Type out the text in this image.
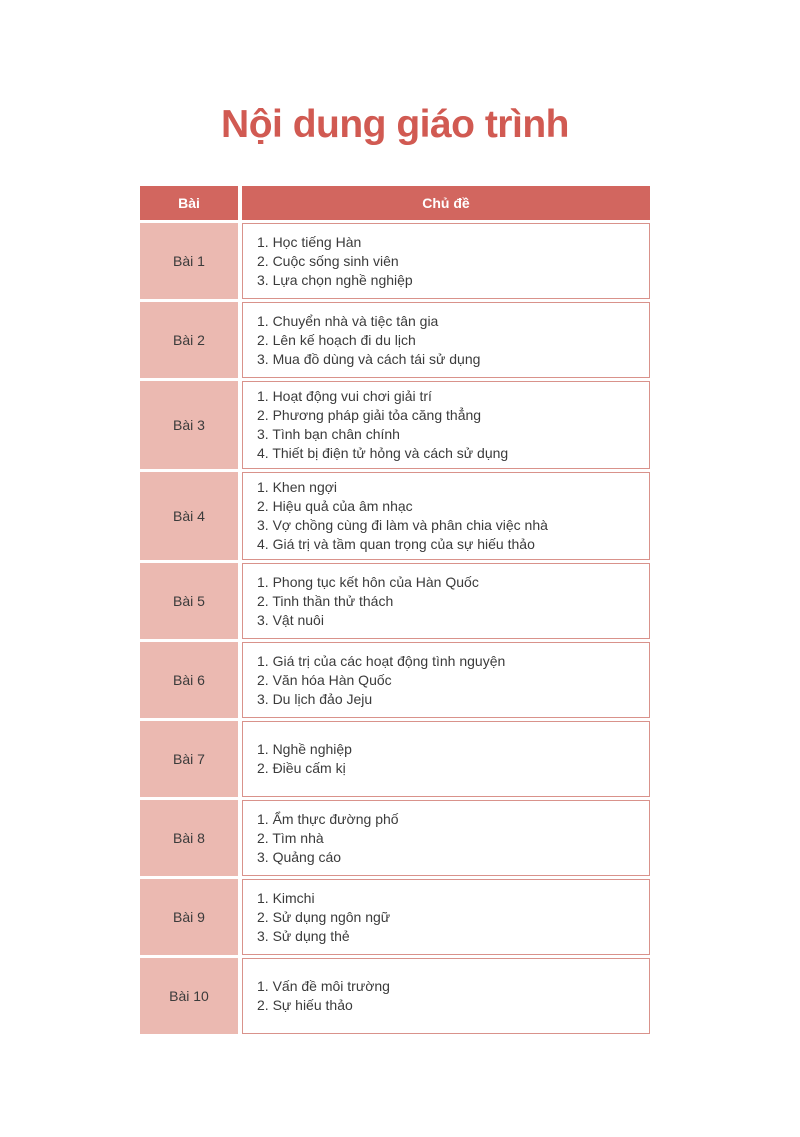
Nội dung giáo trình
Bài	Chủ đề
Bài 1	1. Học tiếng Hàn
2. Cuộc sống sinh viên
3. Lựa chọn nghề nghiệp

Bài 2	1. Chuyển nhà và tiệc tân gia
2. Lên kế hoạch đi du lịch
3. Mua đồ dùng và cách tái sử dụng

Bài 3	1. Hoạt động vui chơi giải trí
2. Phương pháp giải tỏa căng thẳng
3. Tình bạn chân chính
4. Thiết bị điện tử hỏng và cách sử dụng

Bài 4	1. Khen ngợi
2. Hiệu quả của âm nhạc
3. Vợ chồng cùng đi làm và phân chia việc nhà
4. Giá trị và tầm quan trọng của sự hiếu thảo

Bài 5	1. Phong tục kết hôn của Hàn Quốc
2. Tinh thần thử thách
3. Vật nuôi

Bài 6	1. Giá trị của các hoạt động tình nguyện
2. Văn hóa Hàn Quốc
3. Du lịch đảo Jeju

Bài 7	1. Nghề nghiệp
2. Điều cấm kị

Bài 8	1. Ẩm thực đường phố
2. Tìm nhà
3. Quảng cáo

Bài 9	1. Kimchi
2. Sử dụng ngôn ngữ
3. Sử dụng thẻ

Bài 10	1. Vấn đề môi trường
2. Sự hiếu thảo
